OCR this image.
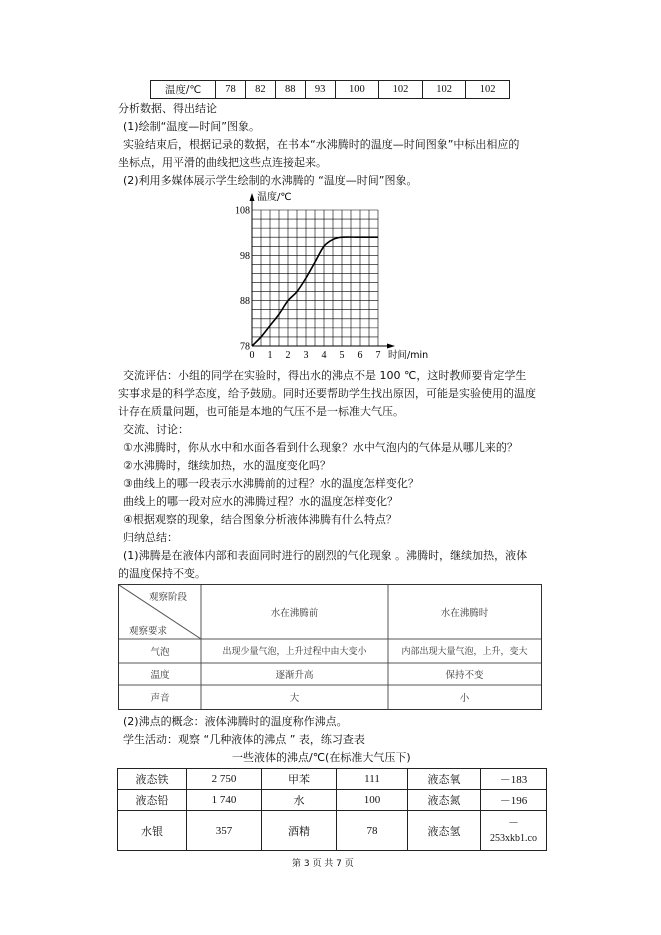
温度/℃	78	82	88	93	100	102	102	102
分析数据、得出结论
(1)绘制“温度—时间”图象。
实验结束后，根据记录的数据，在书本“水沸腾时的温度—时间图象”中标出相应的
坐标点，用平滑的曲线把这些点连接起来。
(2)利用多媒体展示学生绘制的水沸腾的 “温度—时间”图象。
温度/℃
时间/min
78
88
98
108
0 1 2 3 4 5 6 7
交流评估：小组的同学在实验时，得出水的沸点不是 100 ℃，这时教师要肯定学生
实事求是的科学态度，给予鼓励。同时还要帮助学生找出原因，可能是实验使用的温度
计存在质量问题，也可能是本地的气压不是一标准大气压。
交流、讨论：
①水沸腾时，你从水中和水面各看到什么现象？水中气泡内的气体是从哪儿来的？
②水沸腾时，继续加热，水的温度变化吗？
③曲线上的哪一段表示水沸腾前的过程？水的温度怎样变化？
曲线上的哪一段对应水的沸腾过程？水的温度怎样变化？
④根据观察的现象，结合图象分析液体沸腾有什么特点？
归纳总结：
(1)沸腾是在液体内部和表面同时进行的剧烈的气化现象 。沸腾时，继续加热，液体
的温度保持不变。
观察阶段
观察要求
水在沸腾前	水在沸腾时
气泡	出现少量气泡，上升过程中由大变小	内部出现大量气泡，上升，变大
温度	逐渐升高	保持不变
声音	大	小
(2)沸点的概念：液体沸腾时的温度称作沸点。
学生活动：观察 “几种液体的沸点 ” 表，练习查表
一些液体的沸点/℃(在标准大气压下)
液态铁	2 750	甲苯	111	液态氧	－183
液态铅	1 740	水	100	液态氮	－196
水银	357	酒精	78	液态氢	－
253xkb1.co
第 3 页 共 7 页
